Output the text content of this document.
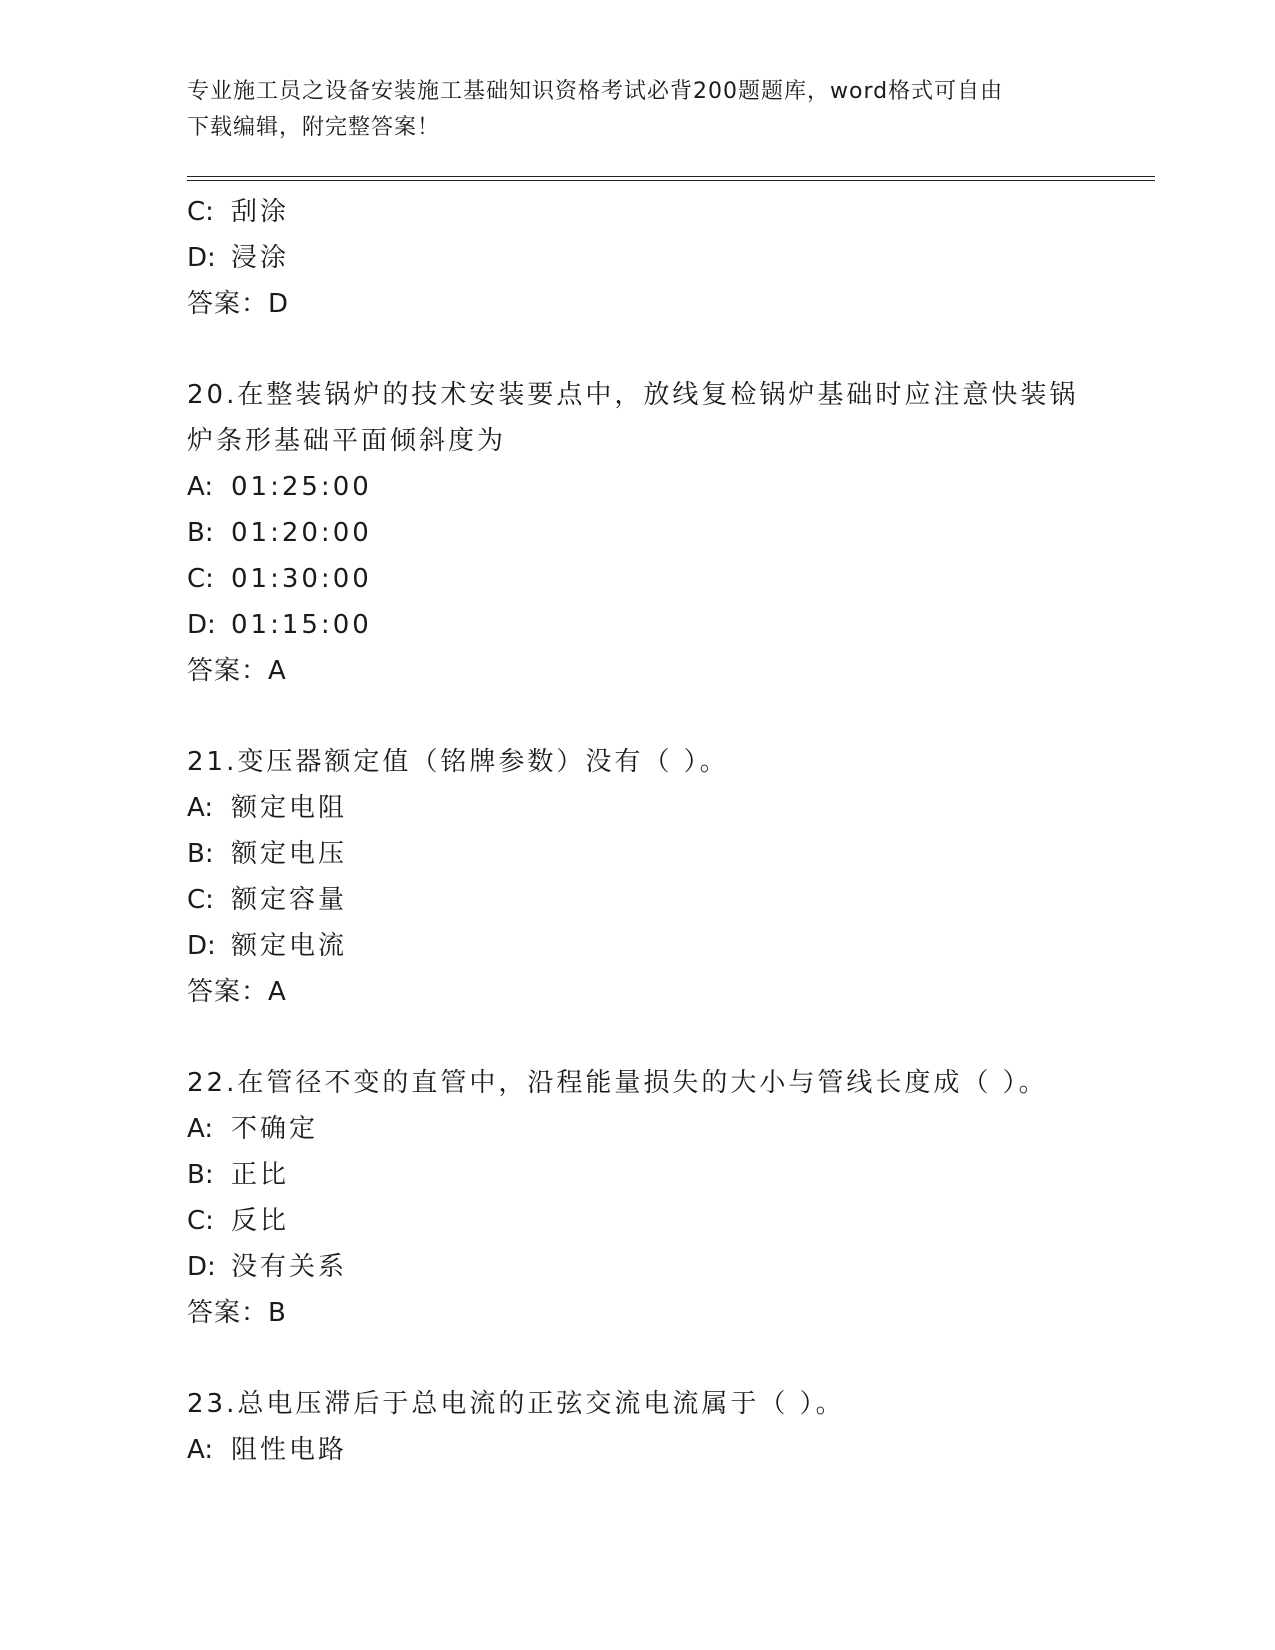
专业施工员之设备安装施工基础知识资格考试必背200题题库，word格式可自由
下载编辑，附完整答案！
C: 刮涂
D: 浸涂
答案：D
20.在整装锅炉的技术安装要点中，放线复检锅炉基础时应注意快装锅
炉条形基础平面倾斜度为
A: 01:25:00
B: 01:20:00
C: 01:30:00
D: 01:15:00
答案：A
21.变压器额定值（铭牌参数）没有（ ）。
A: 额定电阻
B: 额定电压
C: 额定容量
D: 额定电流
答案：A
22.在管径不变的直管中，沿程能量损失的大小与管线长度成（ ）。
A: 不确定
B: 正比
C: 反比
D: 没有关系
答案：B
23.总电压滞后于总电流的正弦交流电流属于（ ）。
A: 阻性电路
